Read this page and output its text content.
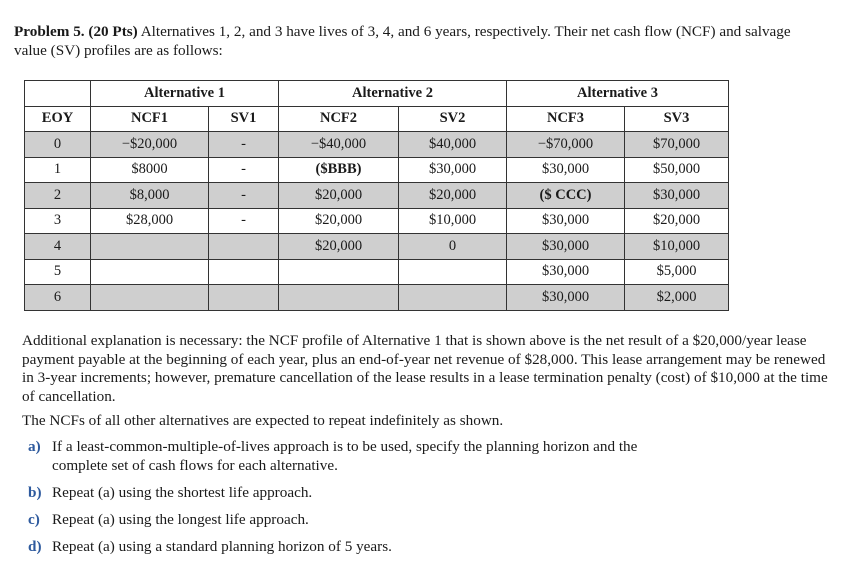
Problem 5. (20 Pts) Alternatives 1, 2, and 3 have lives of 3, 4, and 6 years, respectively. Their net cash flow (NCF) and salvage value (SV) profiles are as follows:
	Alternative 1		Alternative 2		Alternative 3	
EOY	NCF1	SV1	NCF2	SV2	NCF3	SV3
0	−$20,000	-	−$40,000	$40,000	−$70,000	$70,000
1	$8000	-	($BBB)	$30,000	$30,000	$50,000
2	$8,000	-	$20,000	$20,000	($ CCC)	$30,000
3	$28,000	-	$20,000	$10,000	$30,000	$20,000
4			$20,000	0	$30,000	$10,000
5					$30,000	$5,000
6					$30,000	$2,000
Additional explanation is necessary: the NCF profile of Alternative 1 that is shown above is the net result of a $20,000/year lease payment payable at the beginning of each year, plus an end-of-year net revenue of $28,000. This lease arrangement may be renewed in 3-year increments; however, premature cancellation of the lease results in a lease termination penalty (cost) of $10,000 at the time of cancellation.
The NCFs of all other alternatives are expected to repeat indefinitely as shown.
a) If a least-common-multiple-of-lives approach is to be used, specify the planning horizon and the complete set of cash flows for each alternative.
b) Repeat (a) using the shortest life approach.
c) Repeat (a) using the longest life approach.
d) Repeat (a) using a standard planning horizon of 5 years.
